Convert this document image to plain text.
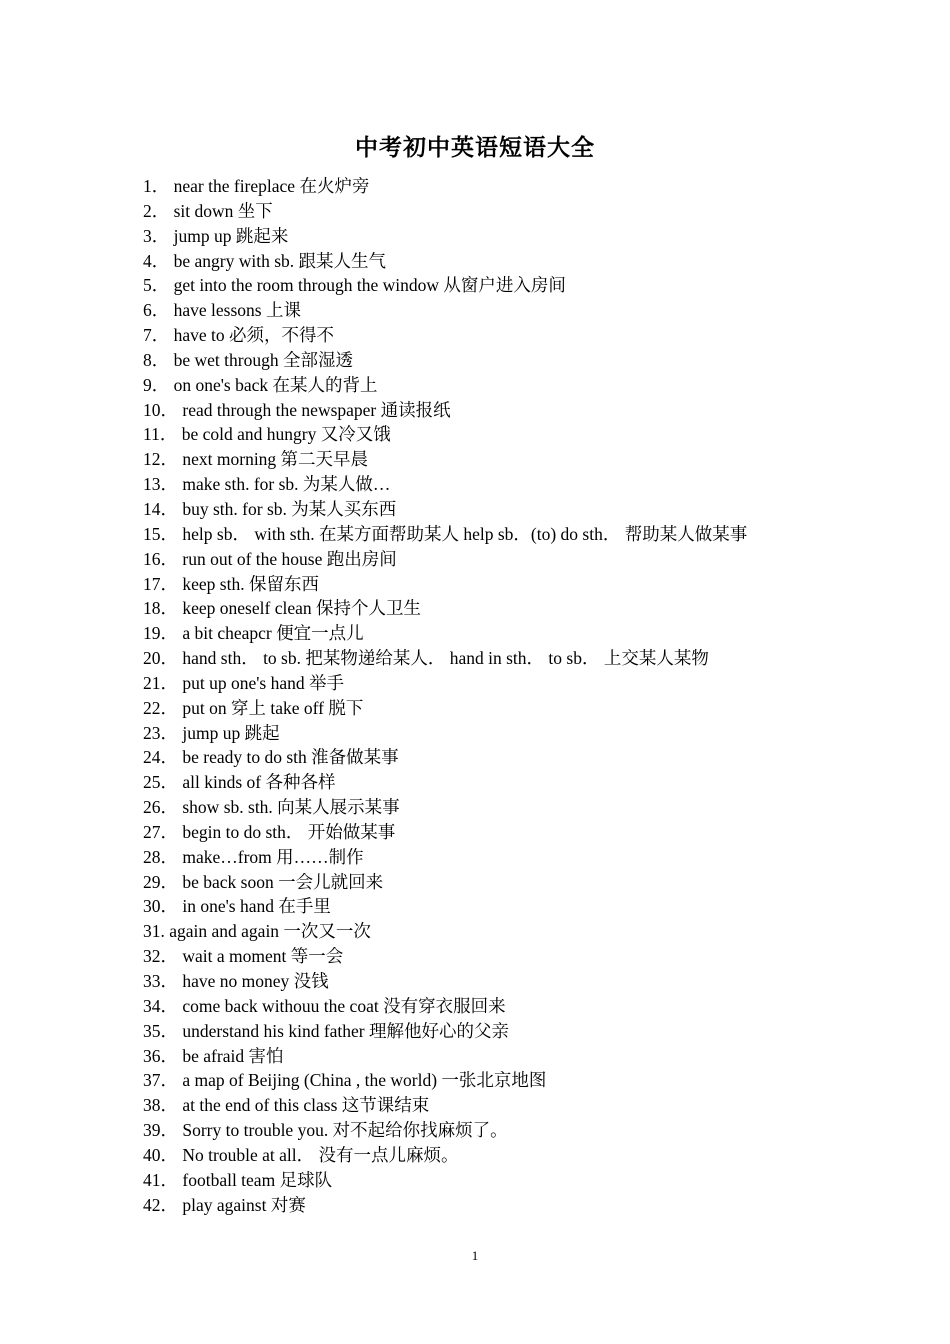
中考初中英语短语大全
1． near the fireplace 在火炉旁
2． sit down 坐下
3． jump up 跳起来
4． be angry with sb. 跟某人生气
5． get into the room through the window 从窗户进入房间
6． have lessons 上课
7． have to 必须，不得不
8． be wet through 全部湿透
9． on one's back 在某人的背上
10． read through the newspaper 通读报纸
11． be cold and hungry 又冷又饿
12． next morning 第二天早晨
13． make sth. for sb. 为某人做…
14． buy sth. for sb. 为某人买东西
15． help sb． with sth. 在某方面帮助某人 help sb．(to) do sth． 帮助某人做某事
16． run out of the house 跑出房间
17． keep sth. 保留东西
18． keep oneself clean 保持个人卫生
19． a bit cheapcr 便宜一点儿
20． hand sth． to sb. 把某物递给某人． hand in sth． to sb． 上交某人某物
21． put up one's hand 举手
22． put on 穿上 take off 脱下
23． jump up 跳起
24． be ready to do sth 淮备做某事
25． all kinds of 各种各样
26． show sb. sth. 向某人展示某事
27． begin to do sth． 开始做某事
28． make…from 用……制作
29． be back soon 一会儿就回来
30． in one's hand 在手里
31. again and again 一次又一次
32． wait a moment 等一会
33． have no money 没钱
34． come back withouu the coat 没有穿衣服回来
35． understand his kind father 理解他好心的父亲
36． be afraid 害怕
37． a map of Beijing (China , the world) 一张北京地图
38． at the end of this class 这节课结束
39． Sorry to trouble you. 对不起给你找麻烦了。
40． No trouble at all． 没有一点儿麻烦。
41． football team 足球队
42． play against 对赛
1
